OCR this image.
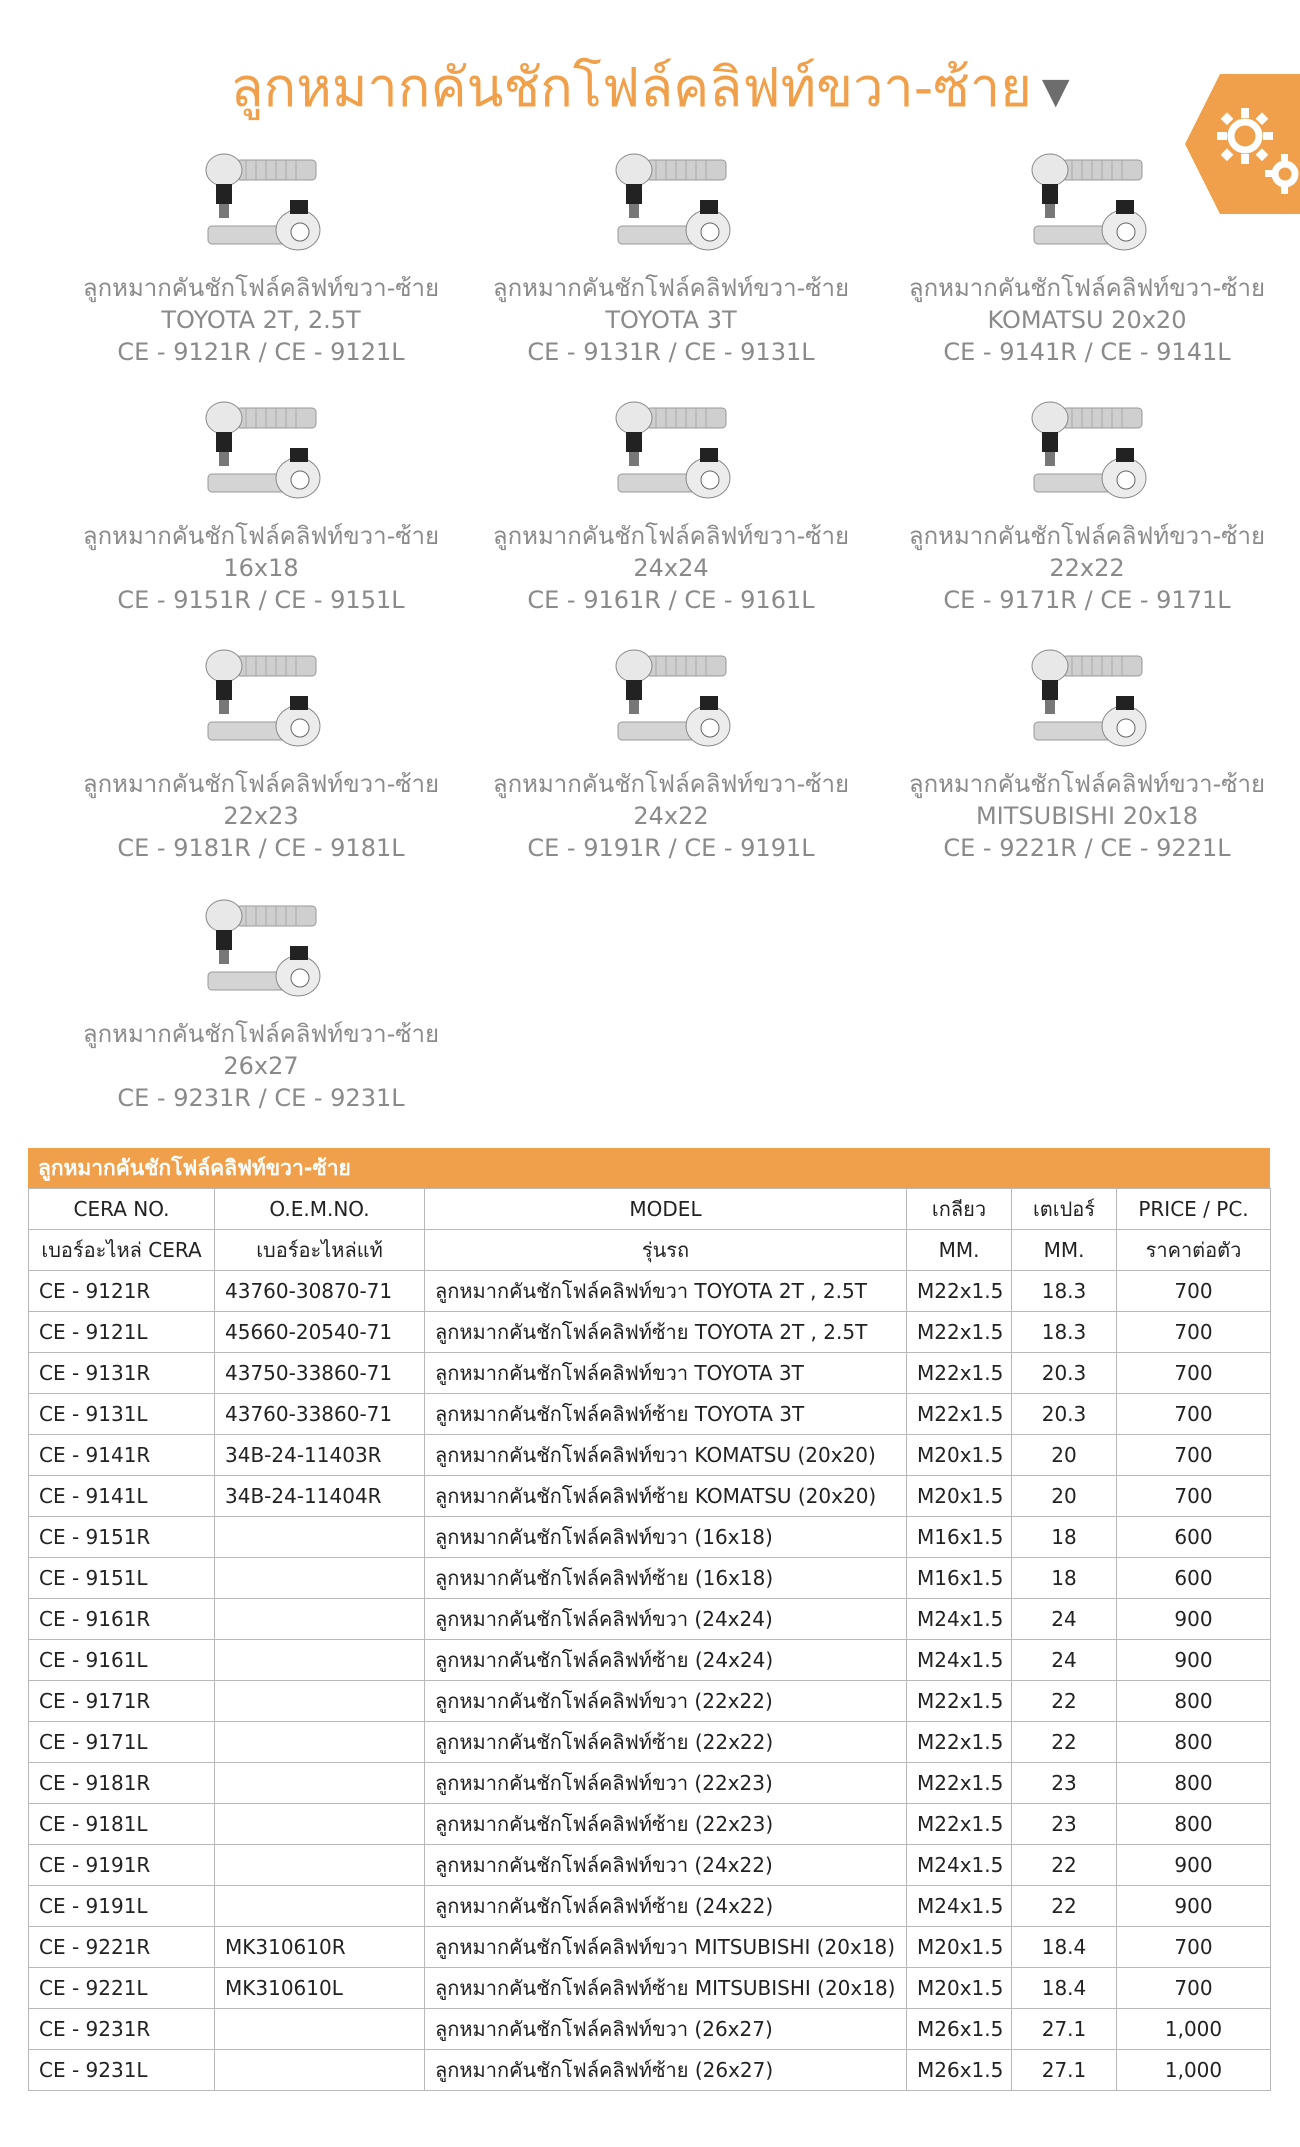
ลูกหมากคันชักโฟล์คลิฟท์ขวา-ซ้าย ▼
ลูกหมากคันชักโฟล์คลิฟท์ขวา-ซ้าย
TOYOTA 2T, 2.5T
CE - 9121R / CE - 9121L
ลูกหมากคันชักโฟล์คลิฟท์ขวา-ซ้าย
TOYOTA 3T
CE - 9131R / CE - 9131L
ลูกหมากคันชักโฟล์คลิฟท์ขวา-ซ้าย
KOMATSU 20x20
CE - 9141R / CE - 9141L
ลูกหมากคันชักโฟล์คลิฟท์ขวา-ซ้าย
16x18
CE - 9151R / CE - 9151L
ลูกหมากคันชักโฟล์คลิฟท์ขวา-ซ้าย
24x24
CE - 9161R / CE - 9161L
ลูกหมากคันชักโฟล์คลิฟท์ขวา-ซ้าย
22x22
CE - 9171R / CE - 9171L
ลูกหมากคันชักโฟล์คลิฟท์ขวา-ซ้าย
22x23
CE - 9181R / CE - 9181L
ลูกหมากคันชักโฟล์คลิฟท์ขวา-ซ้าย
24x22
CE - 9191R / CE - 9191L
ลูกหมากคันชักโฟล์คลิฟท์ขวา-ซ้าย
MITSUBISHI 20x18
CE - 9221R / CE - 9221L
ลูกหมากคันชักโฟล์คลิฟท์ขวา-ซ้าย
26x27
CE - 9231R / CE - 9231L
ลูกหมากคันชักโฟล์คลิฟท์ขวา-ซ้าย
CERA NO.	O.E.M.NO.	MODEL	เกลียว	เตเปอร์	PRICE / PC.
เบอร์อะไหล่ CERA	เบอร์อะไหล่แท้	รุ่นรถ	MM.	MM.	ราคาต่อตัว
CE - 9121R	43760-30870-71	ลูกหมากคันชักโฟล์คลิฟท์ขวา TOYOTA 2T , 2.5T	M22x1.5	18.3	700
CE - 9121L	45660-20540-71	ลูกหมากคันชักโฟล์คลิฟท์ซ้าย TOYOTA 2T , 2.5T	M22x1.5	18.3	700
CE - 9131R	43750-33860-71	ลูกหมากคันชักโฟล์คลิฟท์ขวา TOYOTA 3T	M22x1.5	20.3	700
CE - 9131L	43760-33860-71	ลูกหมากคันชักโฟล์คลิฟท์ซ้าย TOYOTA 3T	M22x1.5	20.3	700
CE - 9141R	34B-24-11403R	ลูกหมากคันชักโฟล์คลิฟท์ขวา KOMATSU (20x20)	M20x1.5	20	700
CE - 9141L	34B-24-11404R	ลูกหมากคันชักโฟล์คลิฟท์ซ้าย KOMATSU (20x20)	M20x1.5	20	700
CE - 9151R		ลูกหมากคันชักโฟล์คลิฟท์ขวา (16x18)	M16x1.5	18	600
CE - 9151L		ลูกหมากคันชักโฟล์คลิฟท์ซ้าย (16x18)	M16x1.5	18	600
CE - 9161R		ลูกหมากคันชักโฟล์คลิฟท์ขวา (24x24)	M24x1.5	24	900
CE - 9161L		ลูกหมากคันชักโฟล์คลิฟท์ซ้าย (24x24)	M24x1.5	24	900
CE - 9171R		ลูกหมากคันชักโฟล์คลิฟท์ขวา (22x22)	M22x1.5	22	800
CE - 9171L		ลูกหมากคันชักโฟล์คลิฟท์ซ้าย (22x22)	M22x1.5	22	800
CE - 9181R		ลูกหมากคันชักโฟล์คลิฟท์ขวา (22x23)	M22x1.5	23	800
CE - 9181L		ลูกหมากคันชักโฟล์คลิฟท์ซ้าย (22x23)	M22x1.5	23	800
CE - 9191R		ลูกหมากคันชักโฟล์คลิฟท์ขวา (24x22)	M24x1.5	22	900
CE - 9191L		ลูกหมากคันชักโฟล์คลิฟท์ซ้าย (24x22)	M24x1.5	22	900
CE - 9221R	MK310610R	ลูกหมากคันชักโฟล์คลิฟท์ขวา MITSUBISHI (20x18)	M20x1.5	18.4	700
CE - 9221L	MK310610L	ลูกหมากคันชักโฟล์คลิฟท์ซ้าย MITSUBISHI (20x18)	M20x1.5	18.4	700
CE - 9231R		ลูกหมากคันชักโฟล์คลิฟท์ขวา (26x27)	M26x1.5	27.1	1,000
CE - 9231L		ลูกหมากคันชักโฟล์คลิฟท์ซ้าย (26x27)	M26x1.5	27.1	1,000
